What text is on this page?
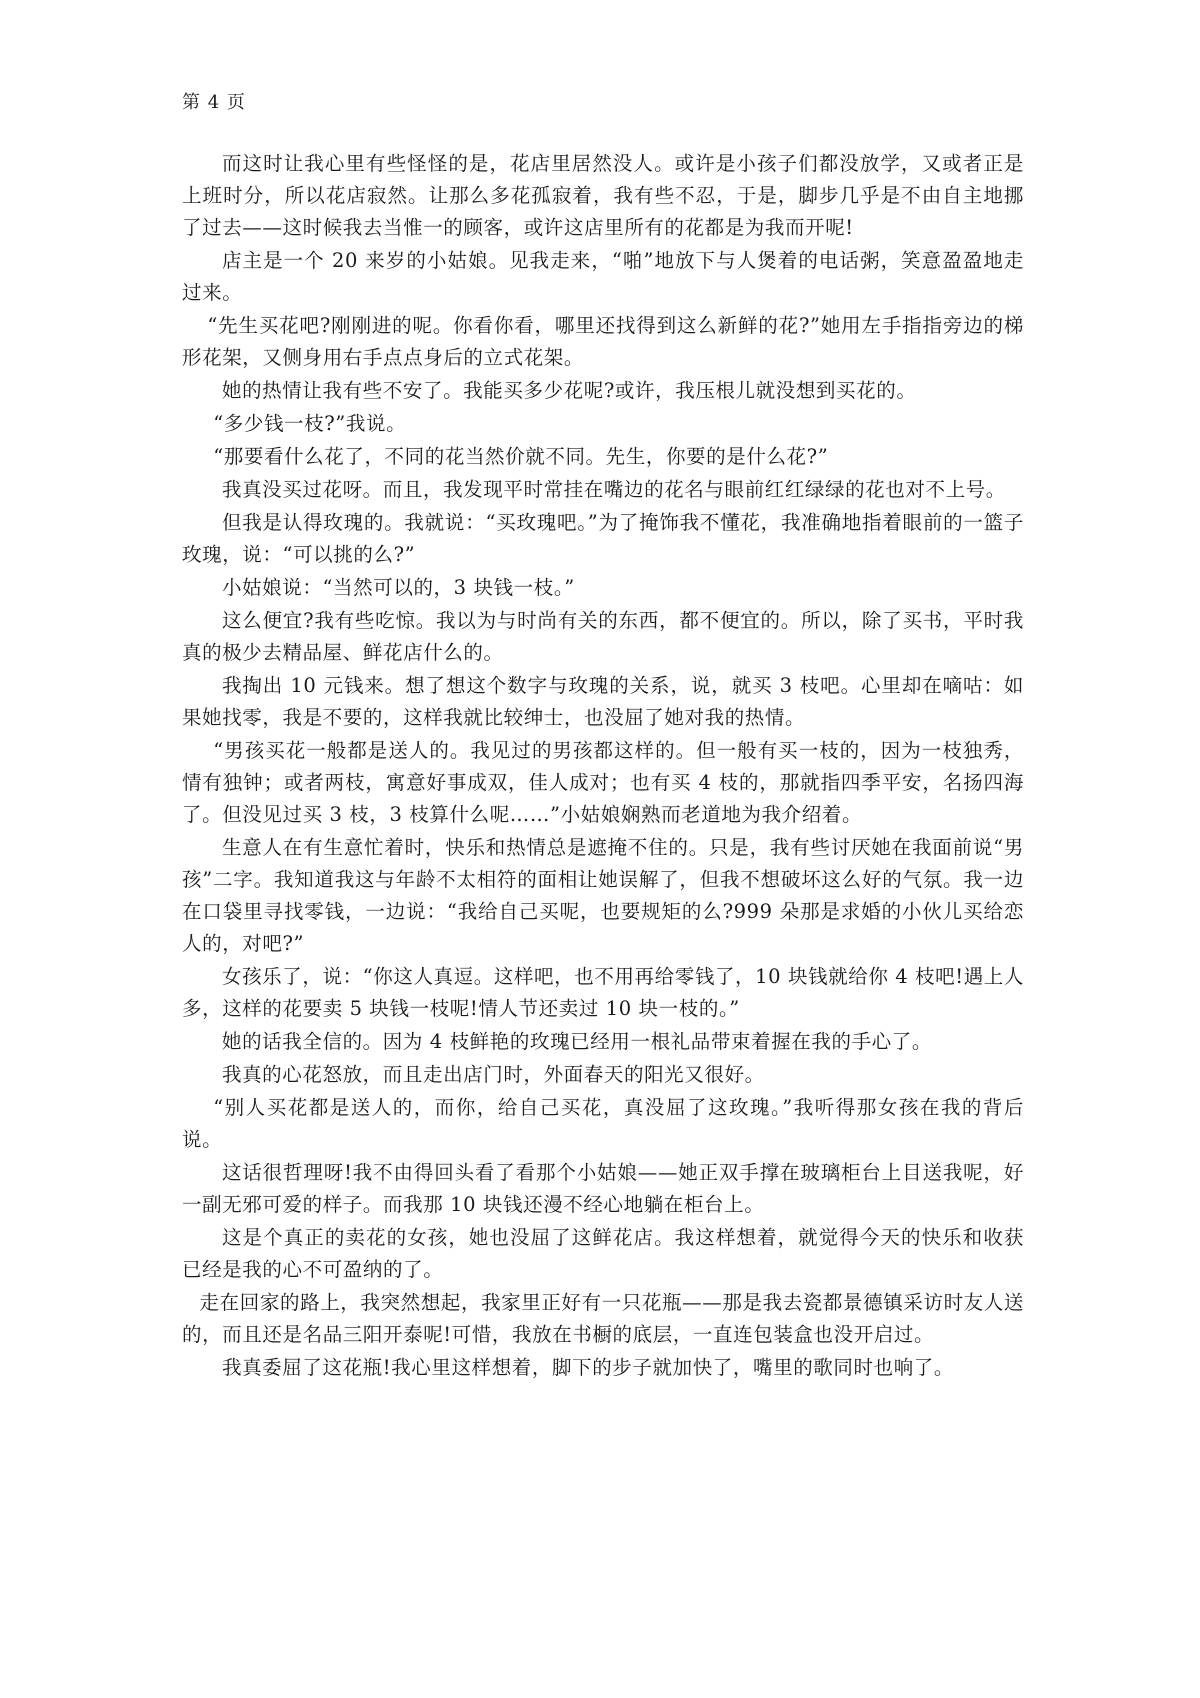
第 4 页

而这时让我心里有些怪怪的是，花店里居然没人。或许是小孩子们都没放学，又或者正是上班时分，所以花店寂然。让那么多花孤寂着，我有些不忍，于是，脚步几乎是不由自主地挪了过去——这时候我去当惟一的顾客，或许这店里所有的花都是为我而开呢!

店主是一个 20 来岁的小姑娘。见我走来，“啪”地放下与人煲着的电话粥，笑意盈盈地走过来。

“先生买花吧?刚刚进的呢。你看你看，哪里还找得到这么新鲜的花?”她用左手指指旁边的梯形花架，又侧身用右手点点身后的立式花架。

她的热情让我有些不安了。我能买多少花呢?或许，我压根儿就没想到买花的。

“多少钱一枝?”我说。

“那要看什么花了，不同的花当然价就不同。先生，你要的是什么花?”

我真没买过花呀。而且，我发现平时常挂在嘴边的花名与眼前红红绿绿的花也对不上号。

但我是认得玫瑰的。我就说：“买玫瑰吧。”为了掩饰我不懂花，我准确地指着眼前的一篮子玫瑰，说：“可以挑的么?”

小姑娘说：“当然可以的，3 块钱一枝。”

这么便宜?我有些吃惊。我以为与时尚有关的东西，都不便宜的。所以，除了买书，平时我真的极少去精品屋、鲜花店什么的。

我掏出 10 元钱来。想了想这个数字与玫瑰的关系，说，就买 3 枝吧。心里却在嘀咕：如果她找零，我是不要的，这样我就比较绅士，也没屈了她对我的热情。

“男孩买花一般都是送人的。我见过的男孩都这样的。但一般有买一枝的，因为一枝独秀，情有独钟；或者两枝，寓意好事成双，佳人成对；也有买 4 枝的，那就指四季平安，名扬四海了。但没见过买 3 枝，3 枝算什么呢……”小姑娘娴熟而老道地为我介绍着。

生意人在有生意忙着时，快乐和热情总是遮掩不住的。只是，我有些讨厌她在我面前说“男孩”二字。我知道我这与年龄不太相符的面相让她误解了，但我不想破坏这么好的气氛。我一边在口袋里寻找零钱，一边说：“我给自己买呢，也要规矩的么?999 朵那是求婚的小伙儿买给恋人的，对吧?”

女孩乐了，说：“你这人真逗。这样吧，也不用再给零钱了，10 块钱就给你 4 枝吧!遇上人多，这样的花要卖 5 块钱一枝呢!情人节还卖过 10 块一枝的。”

她的话我全信的。因为 4 枝鲜艳的玫瑰已经用一根礼品带束着握在我的手心了。

我真的心花怒放，而且走出店门时，外面春天的阳光又很好。

“别人买花都是送人的，而你，给自己买花，真没屈了这玫瑰。”我听得那女孩在我的背后说。

这话很哲理呀!我不由得回头看了看那个小姑娘——她正双手撑在玻璃柜台上目送我呢，好一副无邪可爱的样子。而我那 10 块钱还漫不经心地躺在柜台上。

这是个真正的卖花的女孩，她也没屈了这鲜花店。我这样想着，就觉得今天的快乐和收获已经是我的心不可盈纳的了。

走在回家的路上，我突然想起，我家里正好有一只花瓶——那是我去瓷都景德镇采访时友人送的，而且还是名品三阳开泰呢!可惜，我放在书橱的底层，一直连包装盒也没开启过。

我真委屈了这花瓶!我心里这样想着，脚下的步子就加快了，嘴里的歌同时也响了。
